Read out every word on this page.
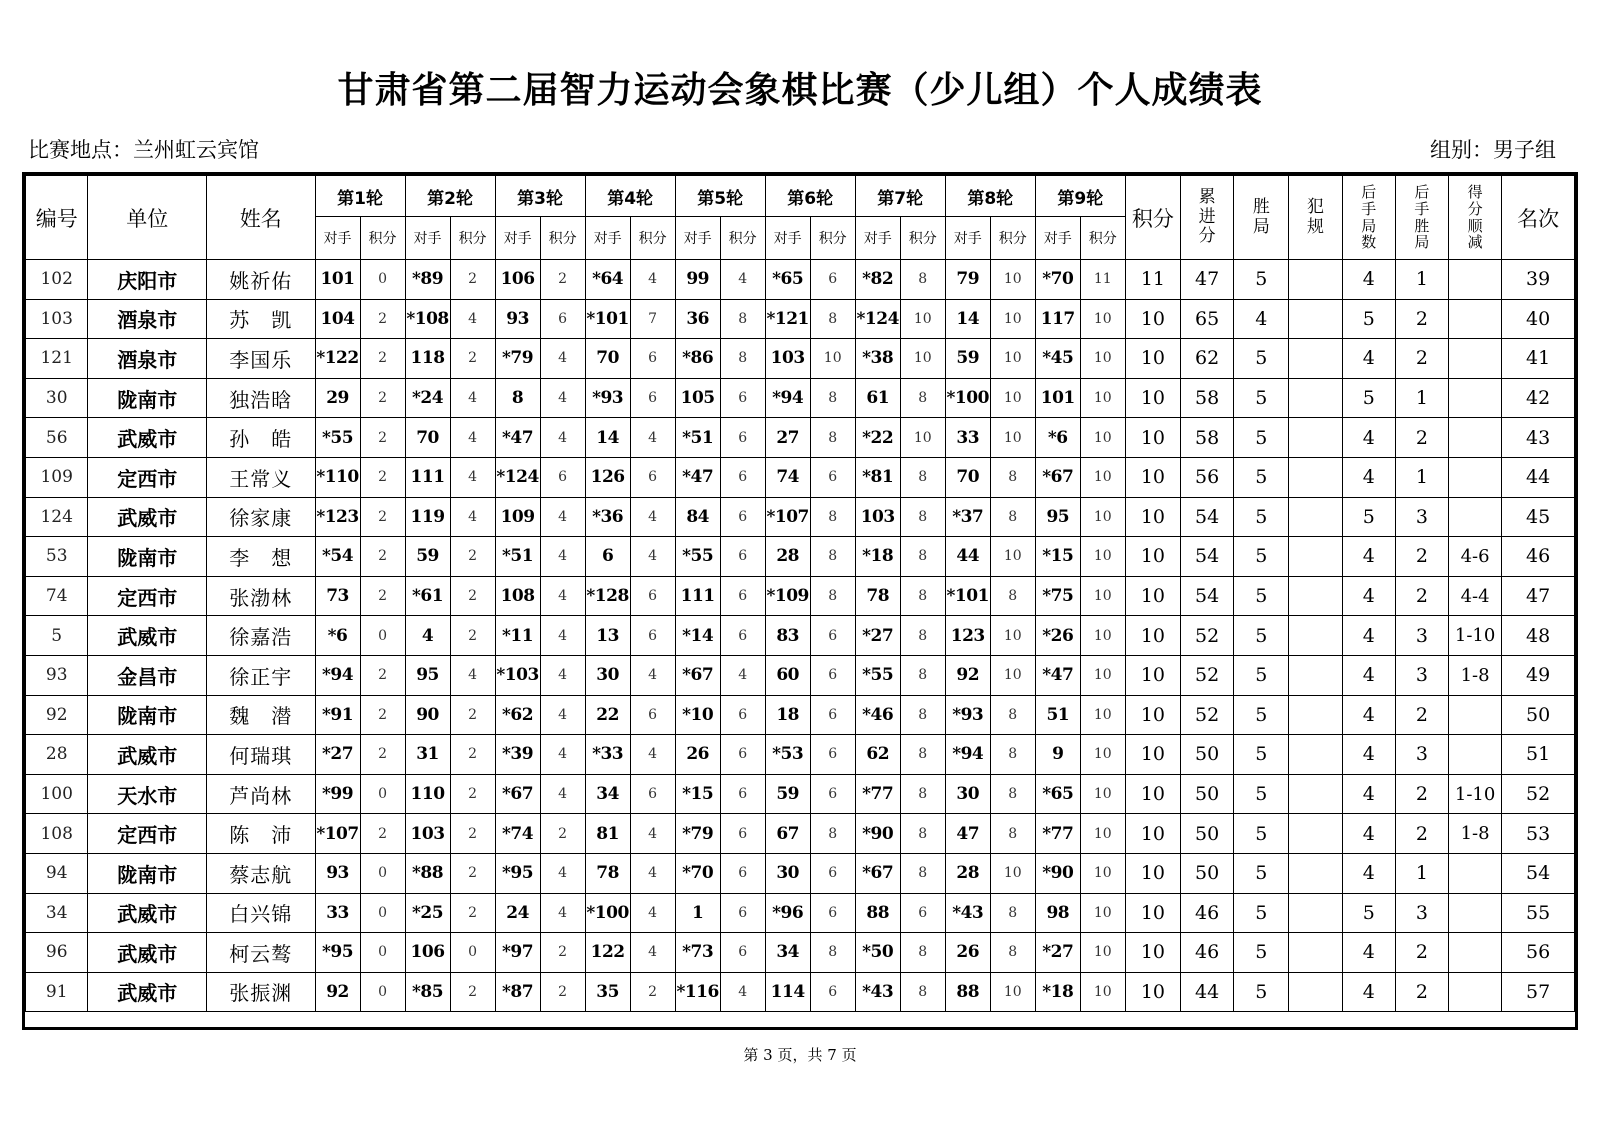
甘肃省第二届智力运动会象棋比赛（少儿组）个人成绩表
比赛地点：兰州虹云宾馆	组别：男子组
编号	单位	姓名	第1轮		第2轮		第3轮		第4轮		第5轮		第6轮		第7轮		第8轮		第9轮		积分	累进分	胜局	犯规	后手局数	后手胜局	得分顺减	名次
			对手	积分	对手	积分	对手	积分	对手	积分	对手	积分	对手	积分	对手	积分	对手	积分	对手	积分								
102	庆阳市	姚祈佑	101	0	*89	2	106	2	*64	4	99	4	*65	6	*82	8	79	10	*70	11	11	47	5		4	1		39
103	酒泉市	苏　凯	104	2	*108	4	93	6	*101	7	36	8	*121	8	*124	10	14	10	117	10	10	65	4		5	2		40
121	酒泉市	李国乐	*122	2	118	2	*79	4	70	6	*86	8	103	10	*38	10	59	10	*45	10	10	62	5		4	2		41
30	陇南市	独浩晗	29	2	*24	4	8	4	*93	6	105	6	*94	8	61	8	*100	10	101	10	10	58	5		5	1		42
56	武威市	孙　皓	*55	2	70	4	*47	4	14	4	*51	6	27	8	*22	10	33	10	*6	10	10	58	5		4	2		43
109	定西市	王常义	*110	2	111	4	*124	6	126	6	*47	6	74	6	*81	8	70	8	*67	10	10	56	5		4	1		44
124	武威市	徐家康	*123	2	119	4	109	4	*36	4	84	6	*107	8	103	8	*37	8	95	10	10	54	5		5	3		45
53	陇南市	李　想	*54	2	59	2	*51	4	6	4	*55	6	28	8	*18	8	44	10	*15	10	10	54	5		4	2	4-6	46
74	定西市	张渤林	73	2	*61	2	108	4	*128	6	111	6	*109	8	78	8	*101	8	*75	10	10	54	5		4	2	4-4	47
5	武威市	徐嘉浩	*6	0	4	2	*11	4	13	6	*14	6	83	6	*27	8	123	10	*26	10	10	52	5		4	3	1-10	48
93	金昌市	徐正宇	*94	2	95	4	*103	4	30	4	*67	4	60	6	*55	8	92	10	*47	10	10	52	5		4	3	1-8	49
92	陇南市	魏　潜	*91	2	90	2	*62	4	22	6	*10	6	18	6	*46	8	*93	8	51	10	10	52	5		4	2		50
28	武威市	何瑞琪	*27	2	31	2	*39	4	*33	4	26	6	*53	6	62	8	*94	8	9	10	10	50	5		4	3		51
100	天水市	芦尚林	*99	0	110	2	*67	4	34	6	*15	6	59	6	*77	8	30	8	*65	10	10	50	5		4	2	1-10	52
108	定西市	陈　沛	*107	2	103	2	*74	2	81	4	*79	6	67	8	*90	8	47	8	*77	10	10	50	5		4	2	1-8	53
94	陇南市	蔡志航	93	0	*88	2	*95	4	78	4	*70	6	30	6	*67	8	28	10	*90	10	10	50	5		4	1		54
34	武威市	白兴锦	33	0	*25	2	24	4	*100	4	1	6	*96	6	88	6	*43	8	98	10	10	46	5		5	3		55
96	武威市	柯云骜	*95	0	106	0	*97	2	122	4	*73	6	34	8	*50	8	26	8	*27	10	10	46	5		4	2		56
91	武威市	张振渊	92	0	*85	2	*87	2	35	2	*116	4	114	6	*43	8	88	10	*18	10	10	44	5		4	2		57
第 3 页，共 7 页
